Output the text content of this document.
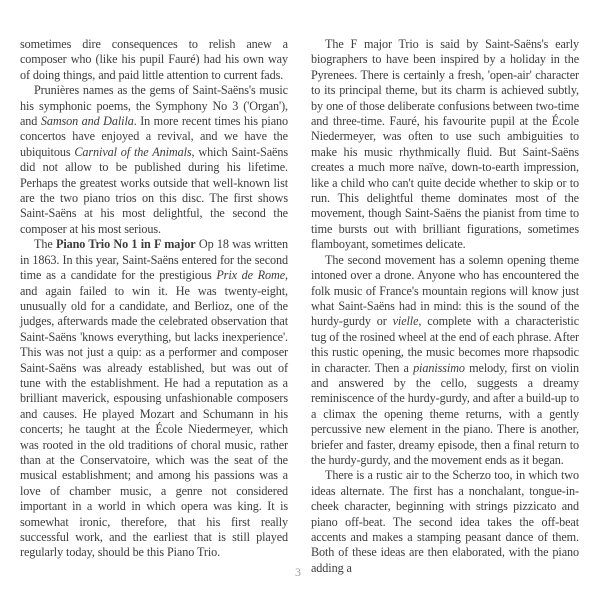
sometimes dire consequences to relish anew a composer who (like his pupil Fauré) had his own way of doing things, and paid little attention to current fads.

Prunières names as the gems of Saint-Saëns's music his symphonic poems, the Symphony No 3 ('Organ'), and Samson and Dalila. In more recent times his piano concertos have enjoyed a revival, and we have the ubiquitous Carnival of the Animals, which Saint-Saëns did not allow to be published during his lifetime. Perhaps the greatest works outside that well-known list are the two piano trios on this disc. The first shows Saint-Saëns at his most delightful, the second the composer at his most serious.

The Piano Trio No 1 in F major Op 18 was written in 1863. In this year, Saint-Saëns entered for the second time as a candidate for the prestigious Prix de Rome, and again failed to win it. He was twenty-eight, unusually old for a candidate, and Berlioz, one of the judges, afterwards made the celebrated observation that Saint-Saëns 'knows everything, but lacks inexperience'. This was not just a quip: as a performer and composer Saint-Saëns was already established, but was out of tune with the establishment. He had a reputation as a brilliant maverick, espousing unfashionable composers and causes. He played Mozart and Schumann in his concerts; he taught at the École Niedermeyer, which was rooted in the old traditions of choral music, rather than at the Conservatoire, which was the seat of the musical establishment; and among his passions was a love of chamber music, a genre not considered important in a world in which opera was king. It is somewhat ironic, therefore, that his first really successful work, and the earliest that is still played regularly today, should be this Piano Trio.

The F major Trio is said by Saint-Saëns's early biographers to have been inspired by a holiday in the Pyrenees. There is certainly a fresh, 'open-air' character to its principal theme, but its charm is achieved subtly, by one of those deliberate confusions between two-time and three-time. Fauré, his favourite pupil at the École Niedermeyer, was often to use such ambiguities to make his music rhythmically fluid. But Saint-Saëns creates a much more naïve, down-to-earth impression, like a child who can't quite decide whether to skip or to run. This delightful theme dominates most of the movement, though Saint-Saëns the pianist from time to time bursts out with brilliant figurations, sometimes flamboyant, sometimes delicate.

The second movement has a solemn opening theme intoned over a drone. Anyone who has encountered the folk music of France's mountain regions will know just what Saint-Saëns had in mind: this is the sound of the hurdy-gurdy or vielle, complete with a characteristic tug of the rosined wheel at the end of each phrase. After this rustic opening, the music becomes more rhapsodic in character. Then a pianissimo melody, first on violin and answered by the cello, suggests a dreamy reminiscence of the hurdy-gurdy, and after a build-up to a climax the opening theme returns, with a gently percussive new element in the piano. There is another, briefer and faster, dreamy episode, then a final return to the hurdy-gurdy, and the movement ends as it began.

There is a rustic air to the Scherzo too, in which two ideas alternate. The first has a nonchalant, tongue-in-cheek character, beginning with strings pizzicato and piano off-beat. The second idea takes the off-beat accents and makes a stamping peasant dance of them. Both of these ideas are then elaborated, with the piano adding a

3
